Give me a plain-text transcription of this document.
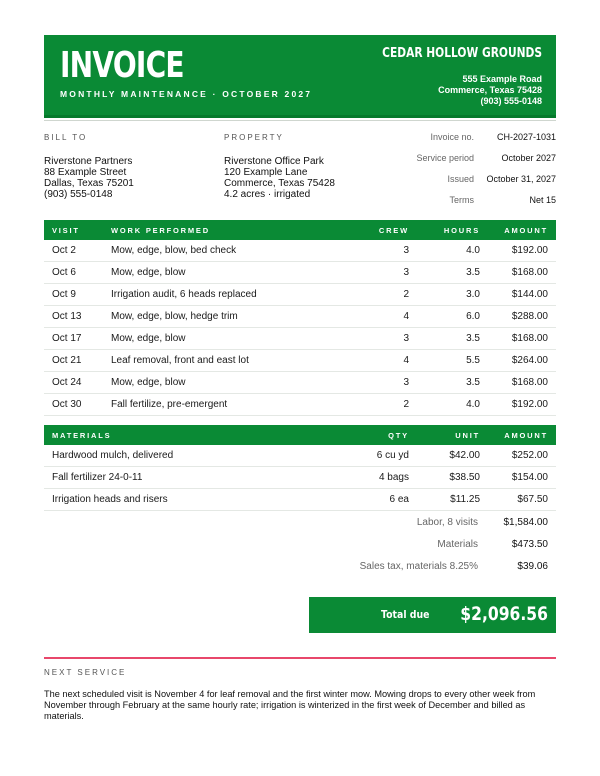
INVOICE
MONTHLY MAINTENANCE · OCTOBER 2027
CEDAR HOLLOW GROUNDS
555 Example Road
Commerce, Texas 75428
(903) 555-0148
BILL TO
Riverstone Partners
88 Example Street
Dallas, Texas 75201
(903) 555-0148
PROPERTY
Riverstone Office Park
120 Example Lane
Commerce, Texas 75428
4.2 acres · irrigated
Invoice no.	CH-2027-1031
Service period	October 2027
Issued	October 31, 2027
Terms	Net 15
VISIT	WORK PERFORMED	CREW	HOURS	AMOUNT
Oct 2	Mow, edge, blow, bed check	3	4.0	$192.00
Oct 6	Mow, edge, blow	3	3.5	$168.00
Oct 9	Irrigation audit, 6 heads replaced	2	3.0	$144.00
Oct 13	Mow, edge, blow, hedge trim	4	6.0	$288.00
Oct 17	Mow, edge, blow	3	3.5	$168.00
Oct 21	Leaf removal, front and east lot	4	5.5	$264.00
Oct 24	Mow, edge, blow	3	3.5	$168.00
Oct 30	Fall fertilize, pre-emergent	2	4.0	$192.00
MATERIALS	QTY	UNIT	AMOUNT
Hardwood mulch, delivered	6 cu yd	$42.00	$252.00
Fall fertilizer 24-0-11	4 bags	$38.50	$154.00
Irrigation heads and risers	6 ea	$11.25	$67.50
Labor, 8 visits	$1,584.00
Materials	$473.50
Sales tax, materials 8.25%	$39.06
Total due $2,096.56
NEXT SERVICE
The next scheduled visit is November 4 for leaf removal and the first winter mow. Mowing drops to every other week from November through February at the same hourly rate; irrigation is winterized in the first week of December and billed as materials.
